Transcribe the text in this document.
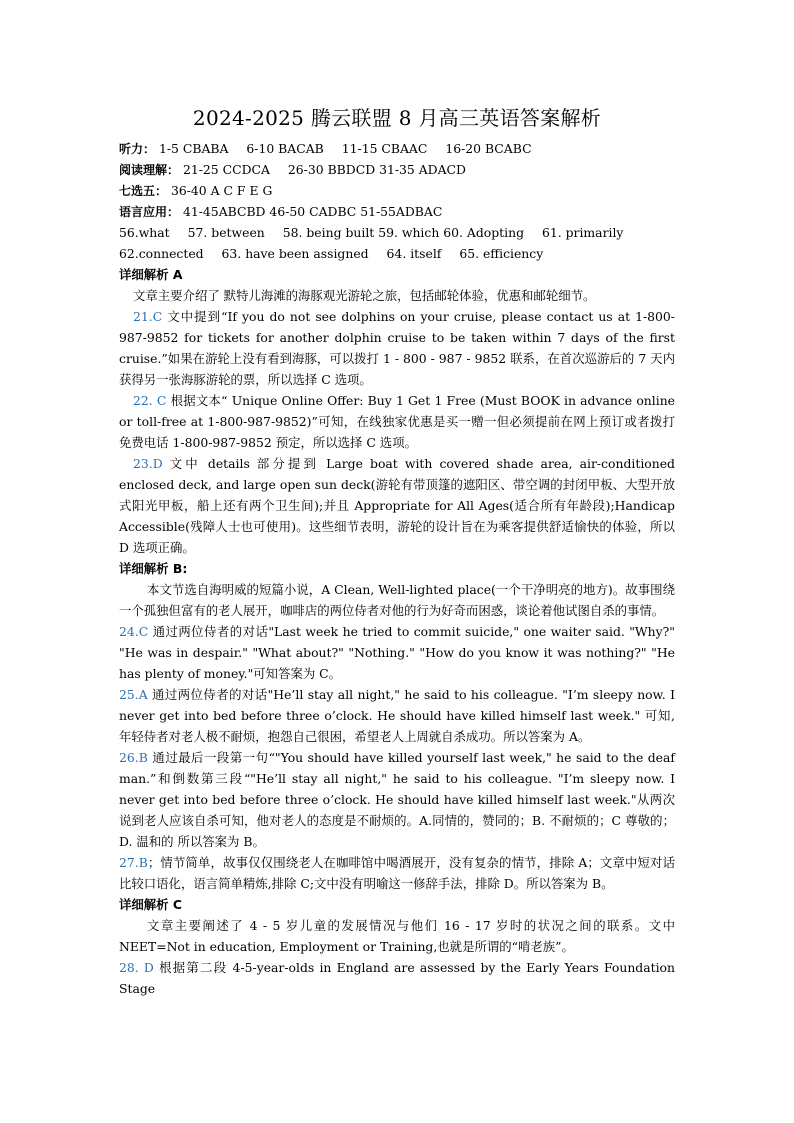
2024-2025 腾云联盟 8 月高三英语答案解析
听力： 1-5 CBABA 6-10 BACAB 11-15 CBAAC 16-20 BCABC
阅读理解： 21-25 CCDCA 26-30 BBDCD 31-35 ADACD
七选五： 36-40 A C F E G
语言应用： 41-45ABCBD 46-50 CADBC 51-55ADBAC
56.what 57. between 58. being built 59. which 60. Adopting 61. primarily
62.connected 63. have been assigned 64. itself 65. efficiency
详细解析 A

文章主要介绍了 默特儿海滩的海豚观光游轮之旅，包括邮轮体验，优惠和邮轮细节。

21.C 文中提到“If you do not see dolphins on your cruise, please contact us at 1-800-987-9852 for tickets for another dolphin cruise to be taken within 7 days of the first cruise.”如果在游轮上没有看到海豚，可以拨打 1 - 800 - 987 - 9852 联系，在首次巡游后的 7 天内获得另一张海豚游轮的票，所以选择 C 选项。

22. C 根据文本“ Unique Online Offer: Buy 1 Get 1 Free (Must BOOK in advance online or toll-free at 1-800-987-9852)”可知，在线独家优惠是买一赠一但必须提前在网上预订或者拨打免费电话 1-800-987-9852 预定，所以选择 C 选项。

23.D 文中 details 部分提到 Large boat with covered shade area, air-conditioned enclosed deck, and large open sun deck(游轮有带顶篷的遮阳区、带空调的封闭甲板、大型开放式阳光甲板，船上还有两个卫生间);并且 Appropriate for All Ages(适合所有年龄段);Handicap Accessible(残障人士也可使用)。这些细节表明，游轮的设计旨在为乘客提供舒适愉快的体验，所以 D 选项正确。

详细解析 B:

本文节选自海明威的短篇小说，A Clean, Well-lighted place(一个干净明亮的地方)。故事围绕一个孤独但富有的老人展开，咖啡店的两位侍者对他的行为好奇而困惑，谈论着他试图自杀的事情。

24.C 通过两位侍者的对话"Last week he tried to commit suicide," one waiter said. "Why?" "He was in despair." "What about?" "Nothing." "How do you know it was nothing?" "He has plenty of money."可知答案为 C。

25.A 通过两位侍者的对话"He’ll stay all night," he said to his colleague. "I’m sleepy now. I never get into bed before three o’clock. He should have killed himself last week." 可知,年轻侍者对老人极不耐烦，抱怨自己很困，希望老人上周就自杀成功。所以答案为 A。

26.B 通过最后一段第一句“"You should have killed yourself last week," he said to the deaf man.”和倒数第三段“"He’ll stay all night," he said to his colleague. "I’m sleepy now. I never get into bed before three o’clock. He should have killed himself last week."从两次说到老人应该自杀可知，他对老人的态度是不耐烦的。A.同情的，赞同的；B. 不耐烦的；C 尊敬的；D. 温和的 所以答案为 B。

27.B；情节简单，故事仅仅围绕老人在咖啡馆中喝酒展开，没有复杂的情节，排除 A；文章中短对话比较口语化，语言简单精炼,排除 C;文中没有明喻这一修辞手法，排除 D。所以答案为 B。

详细解析 C

文章主要阐述了 4 - 5 岁儿童的发展情况与他们 16 - 17 岁时的状况之间的联系。文中 NEET=Not in education, Employment or Training,也就是所谓的“啃老族”。

28. D 根据第二段 4-5-year-olds in England are assessed by the Early Years Foundation Stage
